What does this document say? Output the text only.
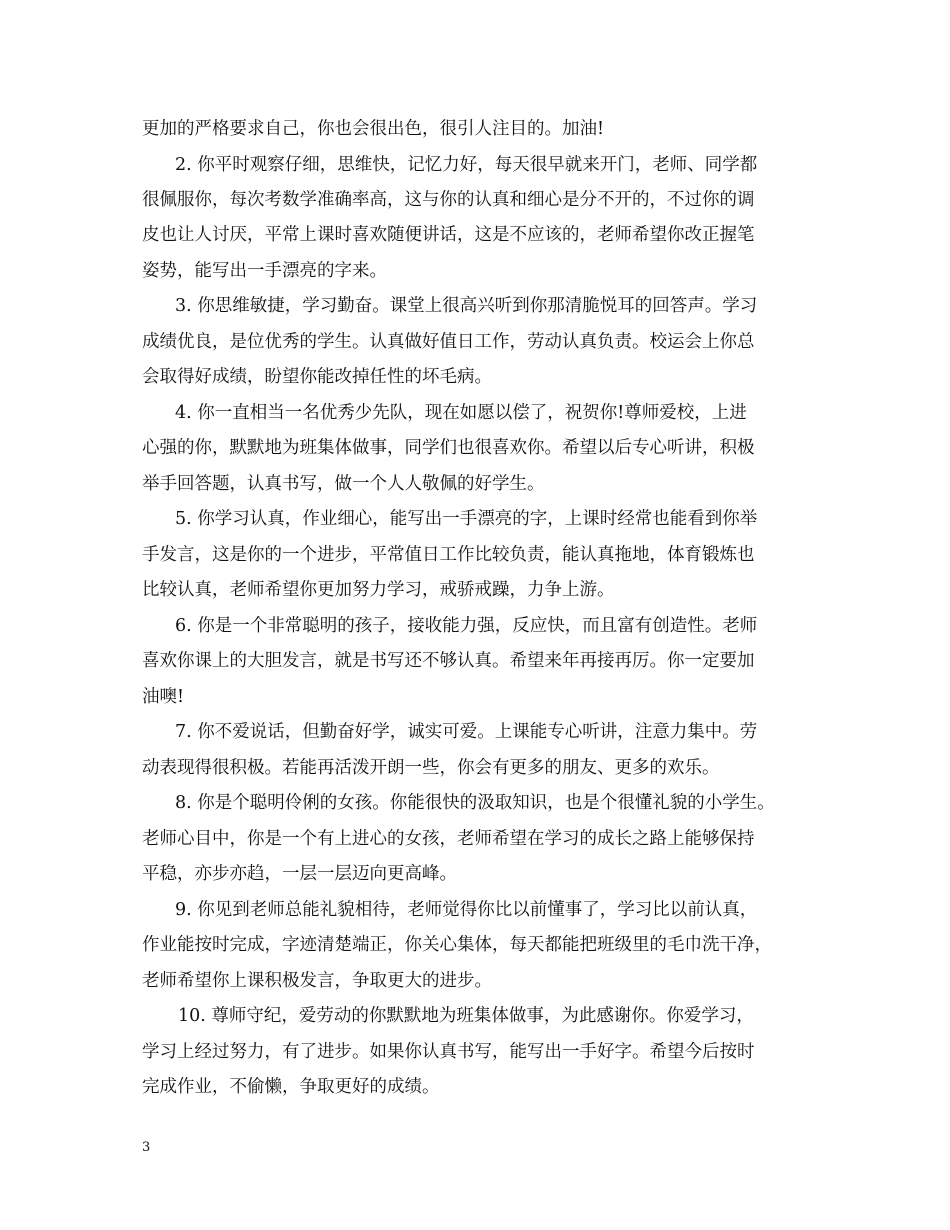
更加的严格要求自己，你也会很出色，很引人注目的。加油!
2. 你平时观察仔细，思维快，记忆力好，每天很早就来开门，老师、同学都
很佩服你，每次考数学准确率高，这与你的认真和细心是分不开的，不过你的调
皮也让人讨厌，平常上课时喜欢随便讲话，这是不应该的，老师希望你改正握笔
姿势，能写出一手漂亮的字来。
3. 你思维敏捷，学习勤奋。课堂上很高兴听到你那清脆悦耳的回答声。学习
成绩优良，是位优秀的学生。认真做好值日工作，劳动认真负责。校运会上你总
会取得好成绩，盼望你能改掉任性的坏毛病。
4. 你一直相当一名优秀少先队，现在如愿以偿了，祝贺你!尊师爱校，上进
心强的你，默默地为班集体做事，同学们也很喜欢你。希望以后专心听讲，积极
举手回答题，认真书写，做一个人人敬佩的好学生。
5. 你学习认真，作业细心，能写出一手漂亮的字，上课时经常也能看到你举
手发言，这是你的一个进步，平常值日工作比较负责，能认真拖地，体育锻炼也
比较认真，老师希望你更加努力学习，戒骄戒躁，力争上游。
6. 你是一个非常聪明的孩子，接收能力强，反应快，而且富有创造性。老师
喜欢你课上的大胆发言，就是书写还不够认真。希望来年再接再厉。你一定要加
油噢!
7. 你不爱说话，但勤奋好学，诚实可爱。上课能专心听讲，注意力集中。劳
动表现得很积极。若能再活泼开朗一些，你会有更多的朋友、更多的欢乐。
8. 你是个聪明伶俐的女孩。你能很快的汲取知识，也是个很懂礼貌的小学生。
老师心目中，你是一个有上进心的女孩，老师希望在学习的成长之路上能够保持
平稳，亦步亦趋，一层一层迈向更高峰。
9. 你见到老师总能礼貌相待，老师觉得你比以前懂事了，学习比以前认真，
作业能按时完成，字迹清楚端正，你关心集体，每天都能把班级里的毛巾洗干净，
老师希望你上课积极发言，争取更大的进步。
10. 尊师守纪，爱劳动的你默默地为班集体做事，为此感谢你。你爱学习，
学习上经过努力，有了进步。如果你认真书写，能写出一手好字。希望今后按时
完成作业，不偷懒，争取更好的成绩。
3
